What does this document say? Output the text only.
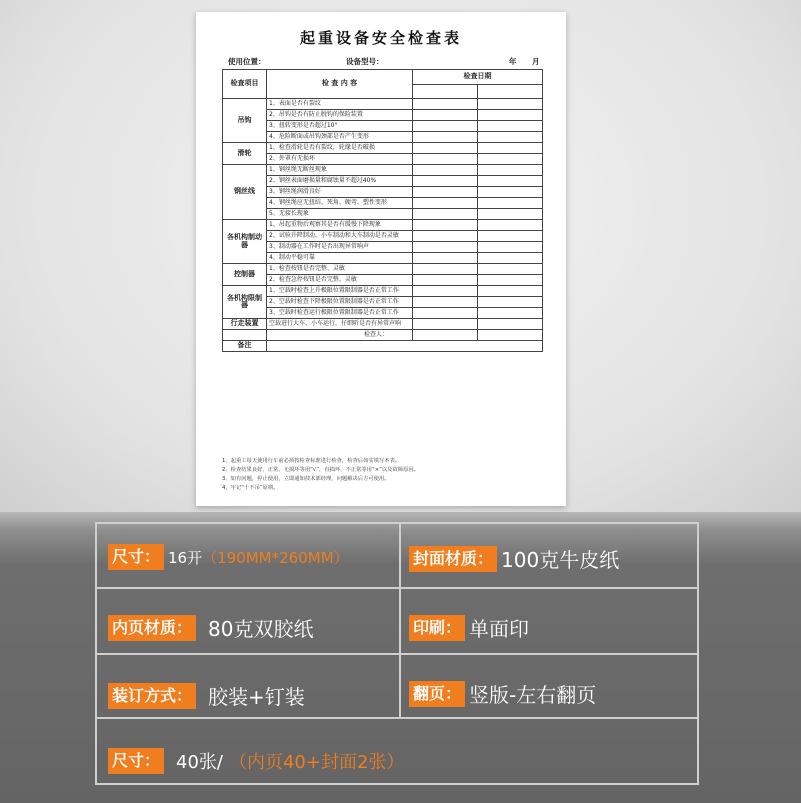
起重设备安全检查表
使用位置：	设备型号：	年 月
检查项目	检 查 内 容	检查日期	

吊钩	1、表面是否有裂纹		
	2、吊钩是否有防止脱钩的保险装置		
	3、扭转变形是否超过10°		
	4、危险断面或吊钩颈部是否产生变形		
滑轮	1、检查滑轮是否有裂纹，轮缘是否破损		
	2、外罩有无损坏		
钢丝线	1、钢丝绳无断丝现象		
	2、钢丝表面磨损量和腐蚀量不超过40%		
	3、钢丝绳润滑良好		
	4、钢丝绳应无扭结、死角、硬弯、塑性变形		
	5、无接长现象		
各机构制动器	1、吊起重物后观察其是否有缓慢下降现象		
	2、试验升降制动、小车制动和大车制动是否灵敏		
	3、制动器在工作时是否出现异常响声		
	4、制动平稳可靠		
控制器	1、检查按钮是否完整、灵敏		
	2、检查急停按钮是否完整、灵敏		
各机构限制器	1、空载时检查上升极限位置限制器是否正常工作		
	2、空载时检查下降极限位置限制器是否正常工作		
	3、空载时检查运行极限位置限制器是否正常工作		
行走装置	空载进行大车、小车运行，仔细听是否有异常声响		
	检查人：		
备注			
1、起重工每天使用行车前必须按检查标准进行检查，检查后如实填写本表。
2、检查结果良好、正常、无损坏等用“√”，有损坏、不正常等用“×”以及故障原因。
3、如有问题，停止使用，立即通知技术部经理，问题解决后方可使用。
4、牢记“十不吊”原则。
尺寸： 16开 （190MM*260MM）	封面材质： 100克牛皮纸
内页材质： 80克双胶纸	印刷： 单面印
装订方式： 胶装+钉装	翻页： 竖版-左右翻页
尺寸： 40张/ （内页40+封面2张）
